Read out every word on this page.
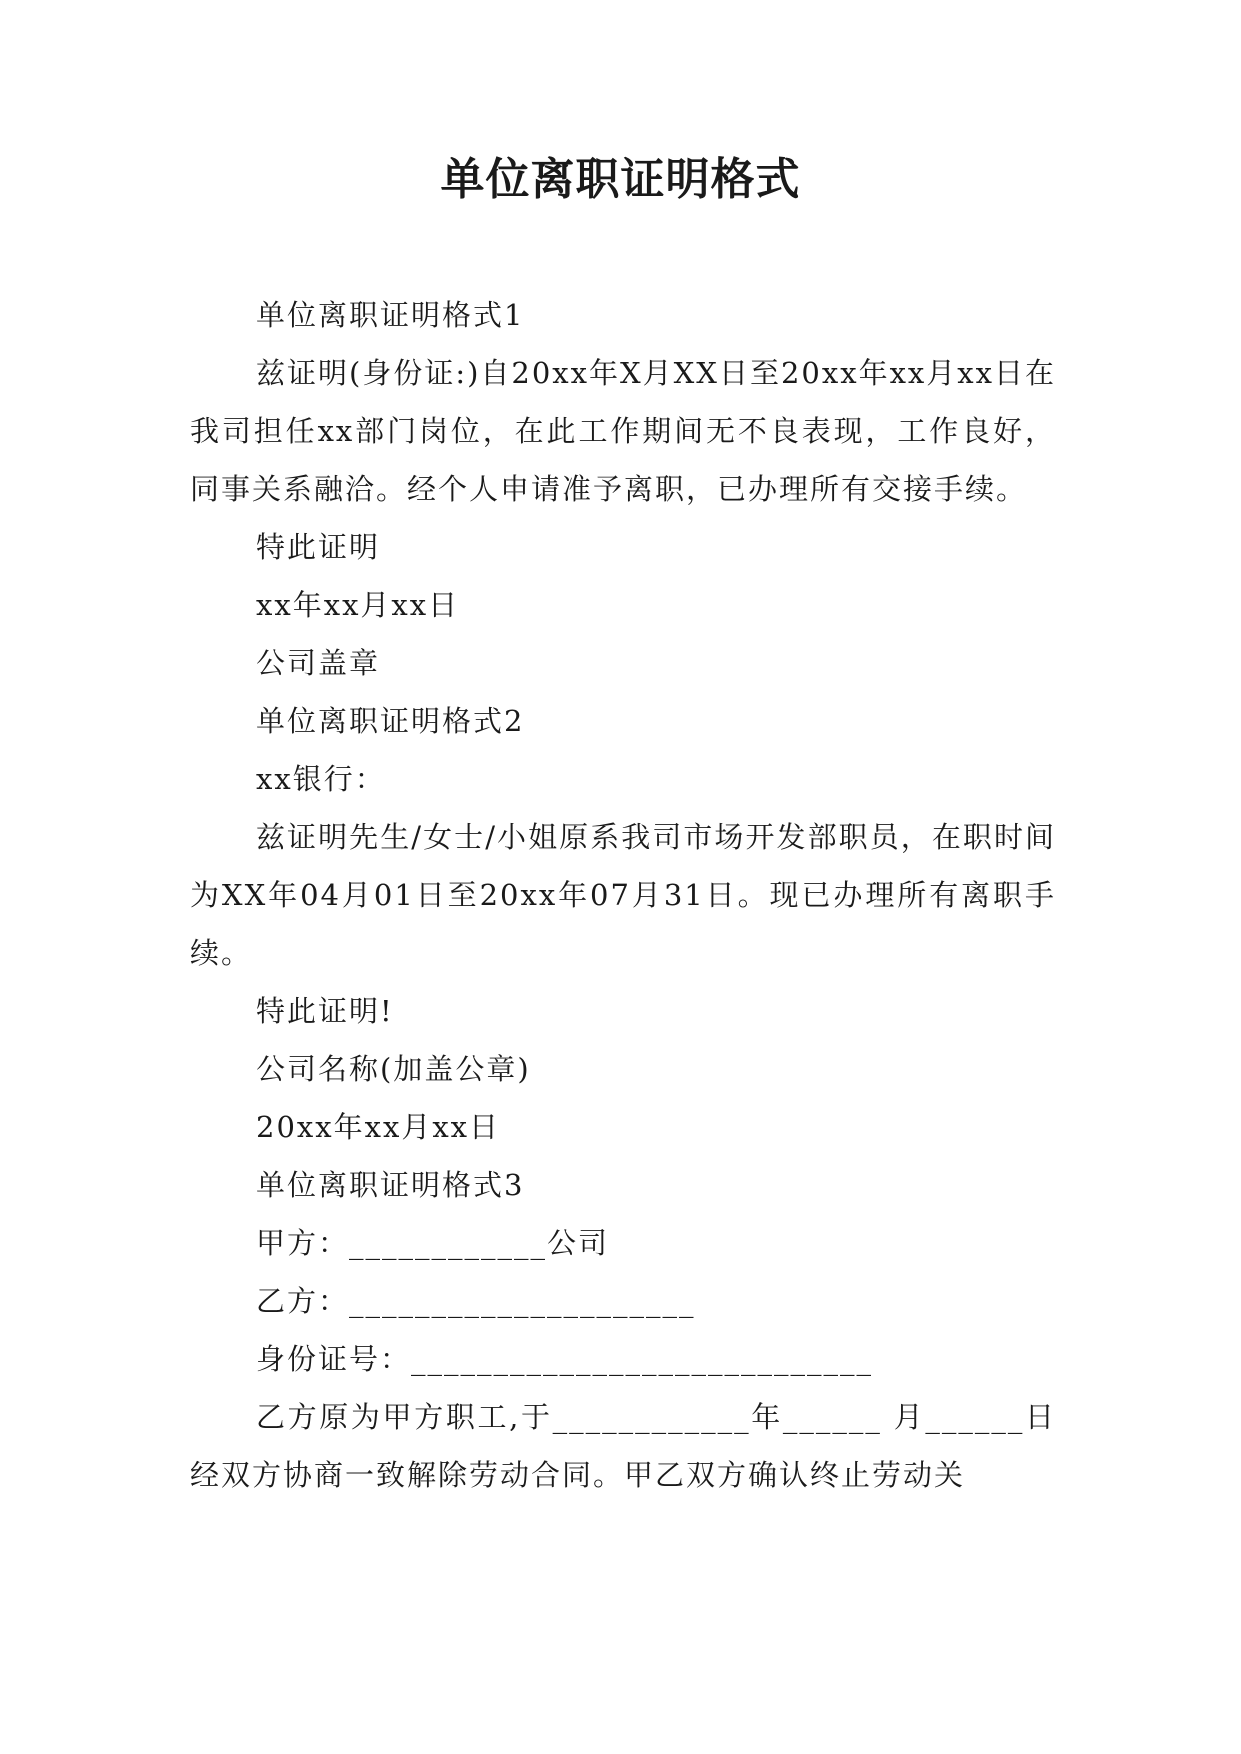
单位离职证明格式

单位离职证明格式1

兹证明(身份证:)自20xx年X月XX日至20xx年xx月xx日在我司担任xx部门岗位，在此工作期间无不良表现，工作良好，同事关系融洽。经个人申请准予离职，已办理所有交接手续。

特此证明

xx年xx月xx日

公司盖章

单位离职证明格式2

xx银行：

兹证明先生/女士/小姐原系我司市场开发部职员，在职时间为XX年04月01日至20xx年07月31日。现已办理所有离职手续。

特此证明!

公司名称(加盖公章)

20xx年xx月xx日

单位离职证明格式3

甲方：____________公司

乙方：_____________________

身份证号：____________________________

乙方原为甲方职工,于____________年______ 月______日经双方协商一致解除劳动合同。甲乙双方确认终止劳动关
